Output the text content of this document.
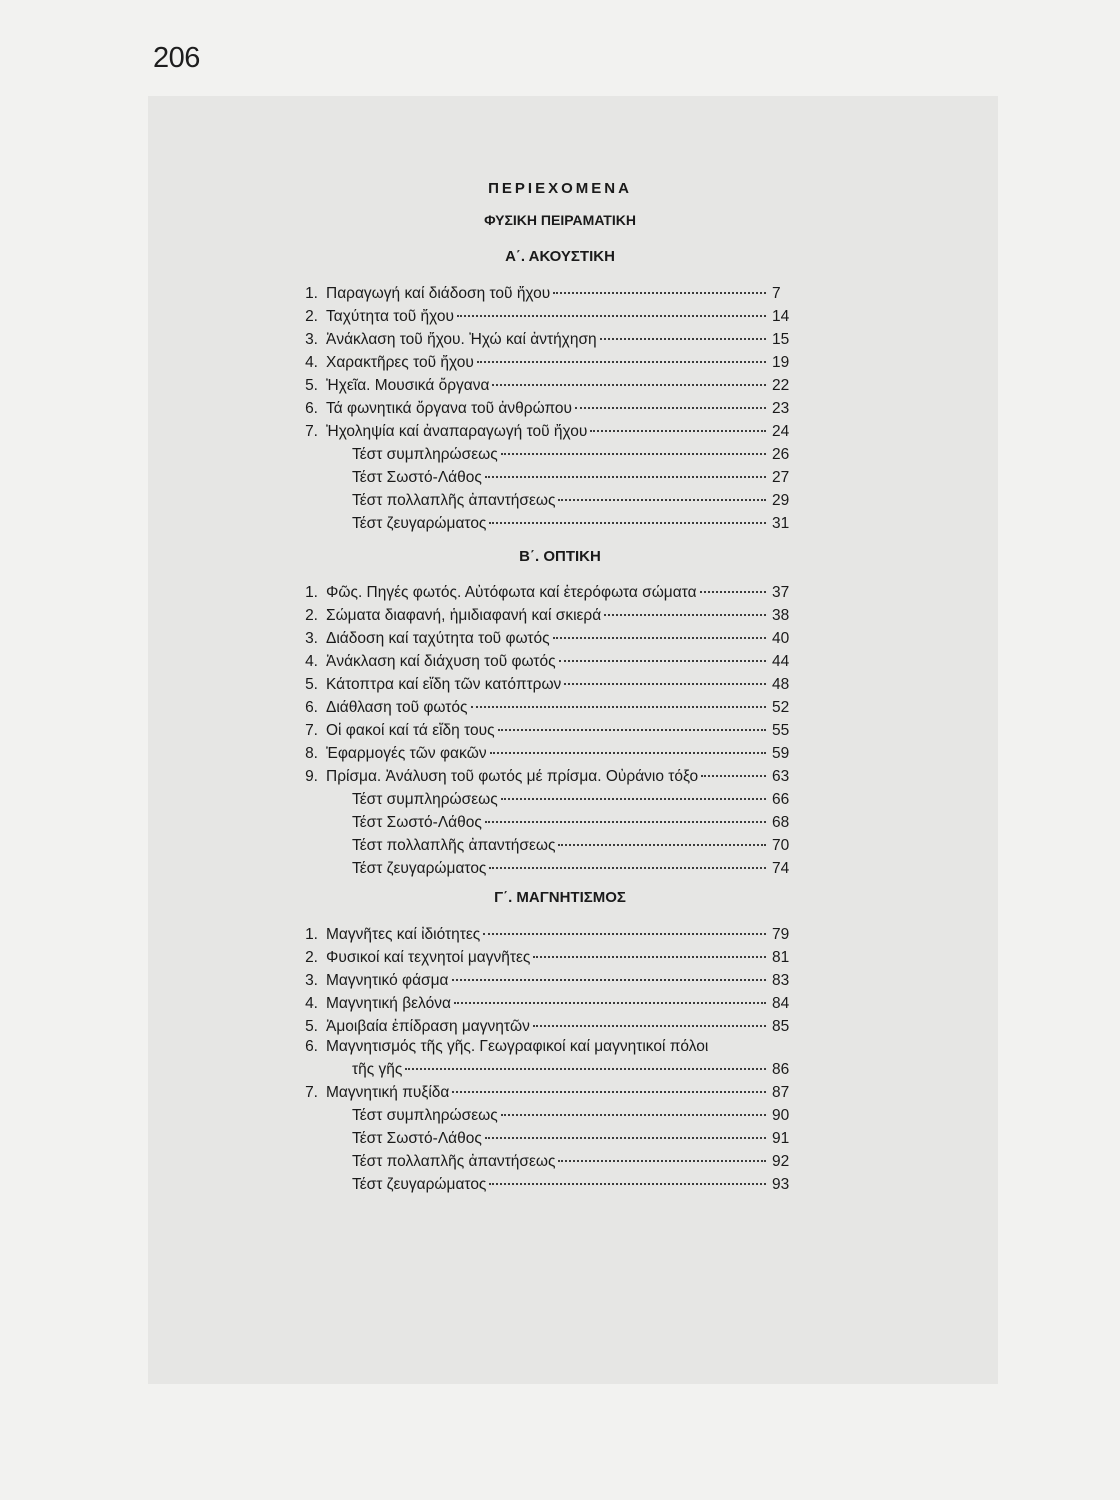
206
ΠΕΡΙΕΧΟΜΕΝΑ
ΦΥΣΙΚΗ ΠΕΙΡΑΜΑΤΙΚΗ
Α΄. ΑΚΟΥΣΤΙΚΗ
1. Παραγωγή καί διάδοση τοῦ ἤχου	7
2. Ταχύτητα τοῦ ἤχου	14
3. Ἀνάκλαση τοῦ ἤχου. Ἠχώ καί ἀντήχηση	15
4. Χαρακτῆρες τοῦ ἤχου	19
5. Ἠχεῖα. Μουσικά ὄργανα	22
6. Τά φωνητικά ὄργανα τοῦ ἀνθρώπου	23
7. Ἠχοληψία καί ἀναπαραγωγή τοῦ ἤχου	24
Τέστ συμπληρώσεως	26
Τέστ Σωστό-Λάθος	27
Τέστ πολλαπλῆς ἀπαντήσεως	29
Τέστ ζευγαρώματος	31
Β΄. ΟΠΤΙΚΗ
1. Φῶς. Πηγές φωτός. Αὐτόφωτα καί ἑτερόφωτα σώματα	37
2. Σώματα διαφανή, ἡμιδιαφανή καί σκιερά	38
3. Διάδοση καί ταχύτητα τοῦ φωτός	40
4. Ἀνάκλαση καί διάχυση τοῦ φωτός	44
5. Κάτοπτρα καί εἴδη τῶν κατόπτρων	48
6. Διάθλαση τοῦ φωτός	52
7. Οἱ φακοί καί τά εἴδη τους	55
8. Ἐφαρμογές τῶν φακῶν	59
9. Πρίσμα. Ἀνάλυση τοῦ φωτός μέ πρίσμα. Οὐράνιο τόξο	63
Τέστ συμπληρώσεως	66
Τέστ Σωστό-Λάθος	68
Τέστ πολλαπλῆς ἀπαντήσεως	70
Τέστ ζευγαρώματος	74
Γ΄. ΜΑΓΝΗΤΙΣΜΟΣ
1. Μαγνῆτες καί ἰδιότητες	79
2. Φυσικοί καί τεχνητοί μαγνῆτες	81
3. Μαγνητικό φάσμα	83
4. Μαγνητική βελόνα	84
5. Ἀμοιβαία ἐπίδραση μαγνητῶν	85
6. Μαγνητισμός τῆς γῆς. Γεωγραφικοί καί μαγνητικοί πόλοι
τῆς γῆς	86
7. Μαγνητική πυξίδα	87
Τέστ συμπληρώσεως	90
Τέστ Σωστό-Λάθος	91
Τέστ πολλαπλῆς ἀπαντήσεως	92
Τέστ ζευγαρώματος	93
